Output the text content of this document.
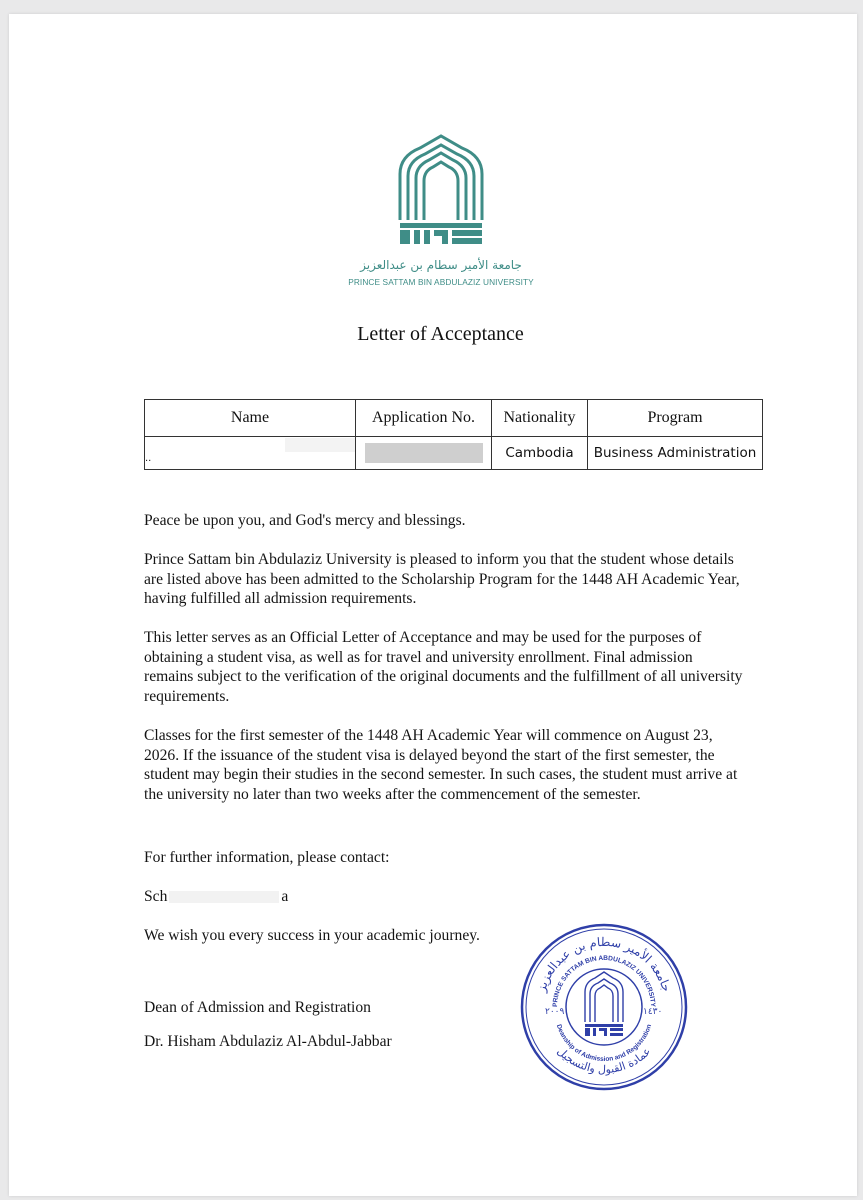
جامعة الأمير سطام بن عبدالعزيز
PRINCE SATTAM BIN ABDULAZIZ UNIVERSITY
Letter of Acceptance
Name	Application No.	Nationality	Program
..		Cambodia	Business Administration

Peace be upon you, and God's mercy and blessings.

Prince Sattam bin Abdulaziz University is pleased to inform you that the student whose details are listed above has been admitted to the Scholarship Program for the 1448 AH Academic Year, having fulfilled all admission requirements.

This letter serves as an Official Letter of Acceptance and may be used for the purposes of obtaining a student visa, as well as for travel and university enrollment. Final admission remains subject to the verification of the original documents and the fulfillment of all university requirements.

Classes for the first semester of the 1448 AH Academic Year will commence on August 23, 2026. If the issuance of the student visa is delayed beyond the start of the first semester, the student may begin their studies in the second semester. In such cases, the student must arrive at the university no later than two weeks after the commencement of the semester.

For further information, please contact:

Sch	a

We wish you every success in your academic journey.

Dean of Admission and Registration

Dr. Hisham Abdulaziz Al-Abdul-Jabbar

جامعة الأمير سطام بن عبدالعزيز
PRINCE SATTAM BIN ABDULAZIZ UNIVERSITY
عمادة القبول والتسجيل
Deanship of Admission and Registration
٢٠٠٩	١٤٣٠
